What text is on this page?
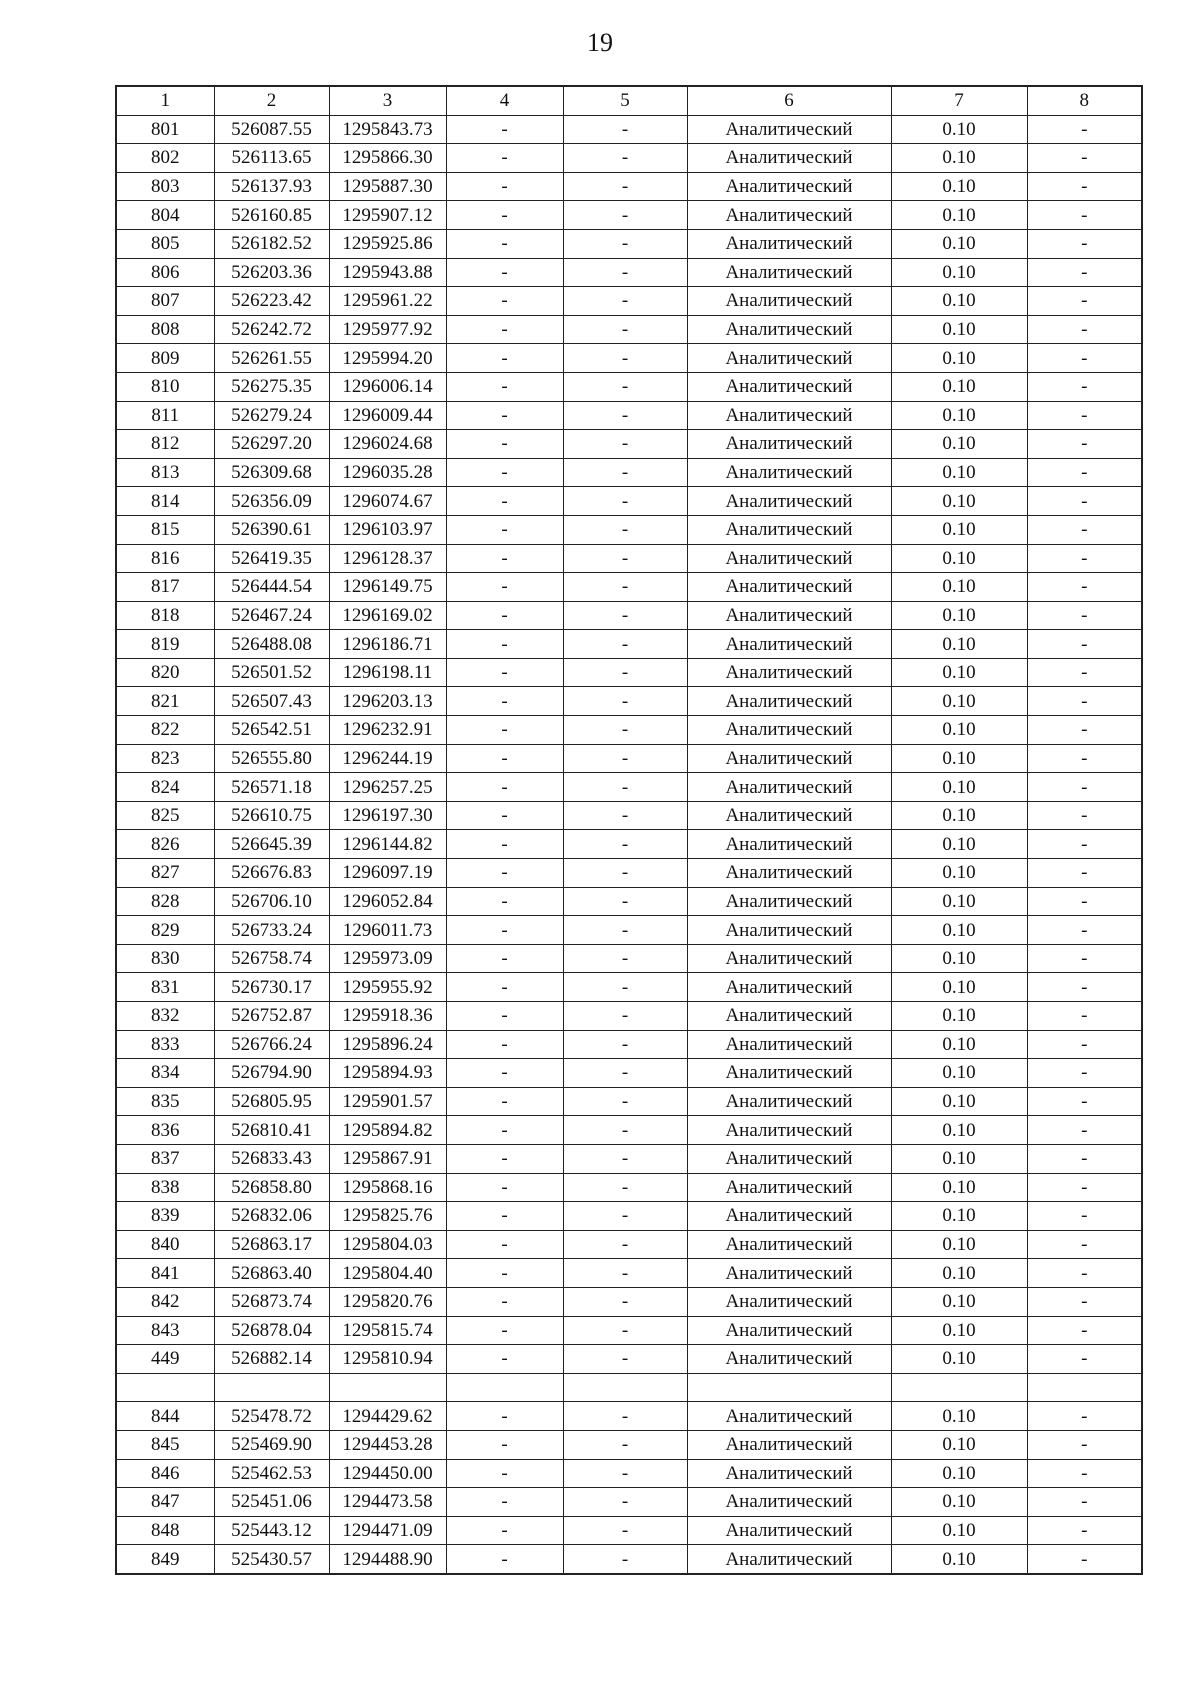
19
1	2	3	4	5	6	7	8
801	526087.55	1295843.73	-	-	Аналитический	0.10	-
802	526113.65	1295866.30	-	-	Аналитический	0.10	-
803	526137.93	1295887.30	-	-	Аналитический	0.10	-
804	526160.85	1295907.12	-	-	Аналитический	0.10	-
805	526182.52	1295925.86	-	-	Аналитический	0.10	-
806	526203.36	1295943.88	-	-	Аналитический	0.10	-
807	526223.42	1295961.22	-	-	Аналитический	0.10	-
808	526242.72	1295977.92	-	-	Аналитический	0.10	-
809	526261.55	1295994.20	-	-	Аналитический	0.10	-
810	526275.35	1296006.14	-	-	Аналитический	0.10	-
811	526279.24	1296009.44	-	-	Аналитический	0.10	-
812	526297.20	1296024.68	-	-	Аналитический	0.10	-
813	526309.68	1296035.28	-	-	Аналитический	0.10	-
814	526356.09	1296074.67	-	-	Аналитический	0.10	-
815	526390.61	1296103.97	-	-	Аналитический	0.10	-
816	526419.35	1296128.37	-	-	Аналитический	0.10	-
817	526444.54	1296149.75	-	-	Аналитический	0.10	-
818	526467.24	1296169.02	-	-	Аналитический	0.10	-
819	526488.08	1296186.71	-	-	Аналитический	0.10	-
820	526501.52	1296198.11	-	-	Аналитический	0.10	-
821	526507.43	1296203.13	-	-	Аналитический	0.10	-
822	526542.51	1296232.91	-	-	Аналитический	0.10	-
823	526555.80	1296244.19	-	-	Аналитический	0.10	-
824	526571.18	1296257.25	-	-	Аналитический	0.10	-
825	526610.75	1296197.30	-	-	Аналитический	0.10	-
826	526645.39	1296144.82	-	-	Аналитический	0.10	-
827	526676.83	1296097.19	-	-	Аналитический	0.10	-
828	526706.10	1296052.84	-	-	Аналитический	0.10	-
829	526733.24	1296011.73	-	-	Аналитический	0.10	-
830	526758.74	1295973.09	-	-	Аналитический	0.10	-
831	526730.17	1295955.92	-	-	Аналитический	0.10	-
832	526752.87	1295918.36	-	-	Аналитический	0.10	-
833	526766.24	1295896.24	-	-	Аналитический	0.10	-
834	526794.90	1295894.93	-	-	Аналитический	0.10	-
835	526805.95	1295901.57	-	-	Аналитический	0.10	-
836	526810.41	1295894.82	-	-	Аналитический	0.10	-
837	526833.43	1295867.91	-	-	Аналитический	0.10	-
838	526858.80	1295868.16	-	-	Аналитический	0.10	-
839	526832.06	1295825.76	-	-	Аналитический	0.10	-
840	526863.17	1295804.03	-	-	Аналитический	0.10	-
841	526863.40	1295804.40	-	-	Аналитический	0.10	-
842	526873.74	1295820.76	-	-	Аналитический	0.10	-
843	526878.04	1295815.74	-	-	Аналитический	0.10	-
449	526882.14	1295810.94	-	-	Аналитический	0.10	-

844	525478.72	1294429.62	-	-	Аналитический	0.10	-
845	525469.90	1294453.28	-	-	Аналитический	0.10	-
846	525462.53	1294450.00	-	-	Аналитический	0.10	-
847	525451.06	1294473.58	-	-	Аналитический	0.10	-
848	525443.12	1294471.09	-	-	Аналитический	0.10	-
849	525430.57	1294488.90	-	-	Аналитический	0.10	-
